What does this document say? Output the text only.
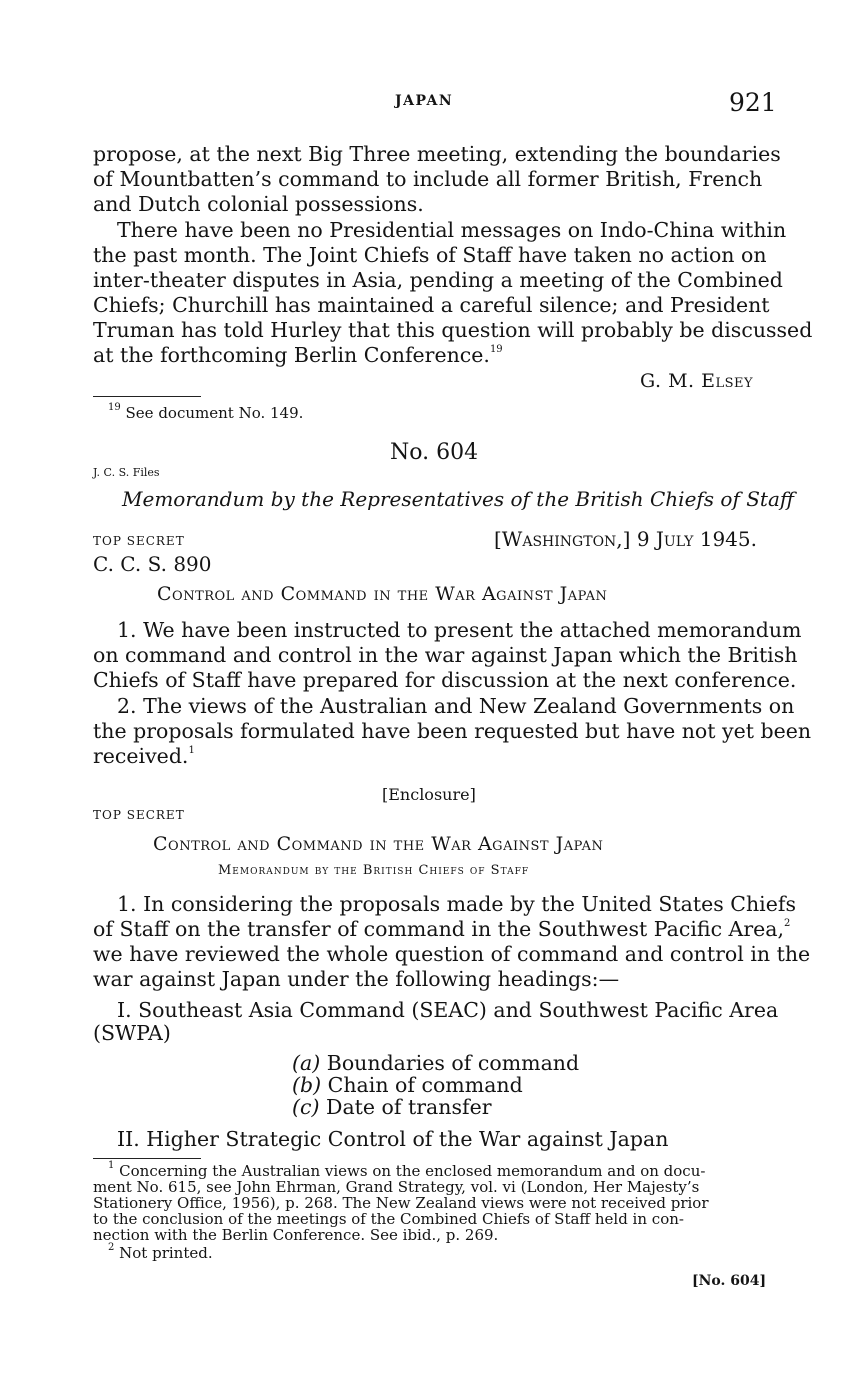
JAPAN	921
propose, at the next Big Three meeting, extending the boundaries
of Mountbatten’s command to include all former British, French
and Dutch colonial possessions.
There have been no Presidential messages on Indo-China within
the past month. The Joint Chiefs of Staff have taken no action on
inter-theater disputes in Asia, pending a meeting of the Combined
Chiefs; Churchill has maintained a careful silence; and President
Truman has told Hurley that this question will probably be discussed
at the forthcoming Berlin Conference.$^{19}$
G. M. Elsey
$^{19}$ See document No. 149.
No. 604
J. C. S. Files
Memorandum by the Representatives of the British Chiefs of Staff
TOP SECRET	[Washington,] 9 July 1945.
C. C. S. 890
Control and Command in the War Against Japan
1. We have been instructed to present the attached memorandum
on command and control in the war against Japan which the British
Chiefs of Staff have prepared for discussion at the next conference.
2. The views of the Australian and New Zealand Governments on
the proposals formulated have been requested but have not yet been
received.$^1$
[Enclosure]
TOP SECRET
Control and Command in the War Against Japan
Memorandum by the British Chiefs of Staff
1. In considering the proposals made by the United States Chiefs
of Staff on the transfer of command in the Southwest Pacific Area,$^2$
we have reviewed the whole question of command and control in the
war against Japan under the following headings:—
I. Southeast Asia Command (SEAC) and Southwest Pacific Area
(SWPA)
(a) Boundaries of command
(b) Chain of command
(c) Date of transfer
II. Higher Strategic Control of the War against Japan
$^1$ Concerning the Australian views on the enclosed memorandum and on docu-
ment No. 615, see John Ehrman, Grand Strategy, vol. vi (London, Her Majesty’s
Stationery Office, 1956), p. 268. The New Zealand views were not received prior
to the conclusion of the meetings of the Combined Chiefs of Staff held in con-
nection with the Berlin Conference. See ibid., p. 269.
$^2$ Not printed.
[No. 604]
